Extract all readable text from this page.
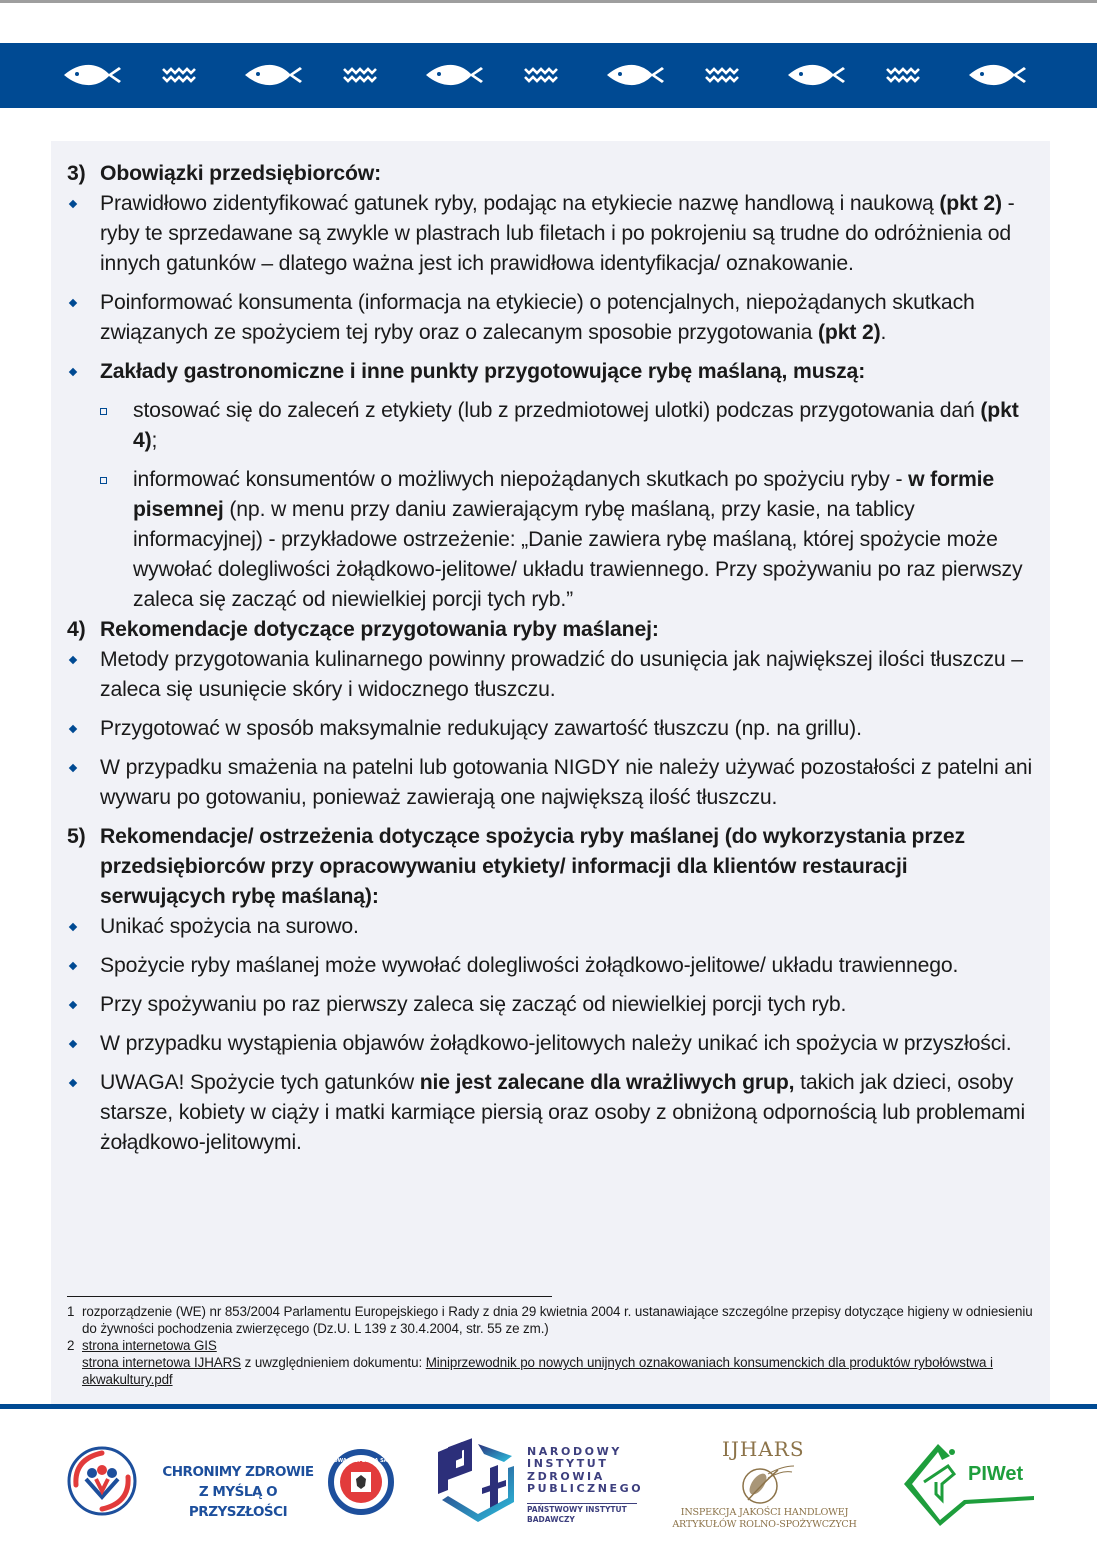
3) Obowiązki przedsiębiorców:
Prawidłowo zidentyfikować gatunek ryby, podając na etykiecie nazwę handlową i naukową (pkt 2) - ryby te sprzedawane są zwykle w plastrach lub filetach i po pokrojeniu są trudne do odróżnienia od innych gatunków – dlatego ważna jest ich prawidłowa identyfikacja/ oznakowanie.
Poinformować konsumenta (informacja na etykiecie) o potencjalnych, niepożądanych skutkach związanych ze spożyciem tej ryby oraz o zalecanym sposobie przygotowania (pkt 2).
Zakłady gastronomiczne i inne punkty przygotowujące rybę maślaną, muszą:
stosować się do zaleceń z etykiety (lub z przedmiotowej ulotki) podczas przygotowania dań (pkt 4);
informować konsumentów o możliwych niepożądanych skutkach po spożyciu ryby - w formie pisemnej (np. w menu przy daniu zawierającym rybę maślaną, przy kasie, na tablicy informacyjnej) - przykładowe ostrzeżenie: „Danie zawiera rybę maślaną, której spożycie może wywołać dolegliwości żołądkowo-jelitowe/ układu trawiennego. Przy spożywaniu po raz pierwszy zaleca się zacząć od niewielkiej porcji tych ryb.”
4) Rekomendacje dotyczące przygotowania ryby maślanej:
Metody przygotowania kulinarnego powinny prowadzić do usunięcia jak największej ilości tłuszczu – zaleca się usunięcie skóry i widocznego tłuszczu.
Przygotować w sposób maksymalnie redukujący zawartość tłuszczu (np. na grillu).
W przypadku smażenia na patelni lub gotowania NIGDY nie należy używać pozostałości z patelni ani wywaru po gotowaniu, ponieważ zawierają one największą ilość tłuszczu.
5) Rekomendacje/ ostrzeżenia dotyczące spożycia ryby maślanej (do wykorzystania przez przedsiębiorców przy opracowywaniu etykiety/ informacji dla klientów restauracji serwujących rybę maślaną):
Unikać spożycia na surowo.
Spożycie ryby maślanej może wywołać dolegliwości żołądkowo-jelitowe/ układu trawiennego.
Przy spożywaniu po raz pierwszy zaleca się zacząć od niewielkiej porcji tych ryb.
W przypadku wystąpienia objawów żołądkowo-jelitowych należy unikać ich spożycia w przyszłości.
UWAGA! Spożycie tych gatunków nie jest zalecane dla wrażliwych grup, takich jak dzieci, osoby starsze, kobiety w ciąży i matki karmiące piersią oraz osoby z obniżoną odpornością lub problemami żołądkowo-jelitowymi.
1 rozporządzenie (WE) nr 853/2004 Parlamentu Europejskiego i Rady z dnia 29 kwietnia 2004 r. ustanawiające szczególne przepisy dotyczące higieny w odniesieniu do żywności pochodzenia zwierzęcego (Dz.U. L 139 z 30.4.2004, str. 55 ze zm.)
2 strona internetowa GIS
strona internetowa IJHARS z uwzględnieniem dokumentu: Miniprzewodnik po nowych unijnych oznakowaniach konsumenckich dla produktów rybołówstwa i akwakultury.pdf
CHRONIMY ZDROWIE
Z MYŚLĄ O PRZYSZŁOŚCI
PAŃSTWOWA INSPEKCJA SANITARNA
NARODOWY
INSTYTUT
ZDROWIA
PUBLICZNEGO
PAŃSTWOWY INSTYTUT
BADAWCZY
IJHARS
INSPEKCJA JAKOŚCI HANDLOWEJ
ARTYKUŁÓW ROLNO-SPOŻYWCZYCH
PIWet
